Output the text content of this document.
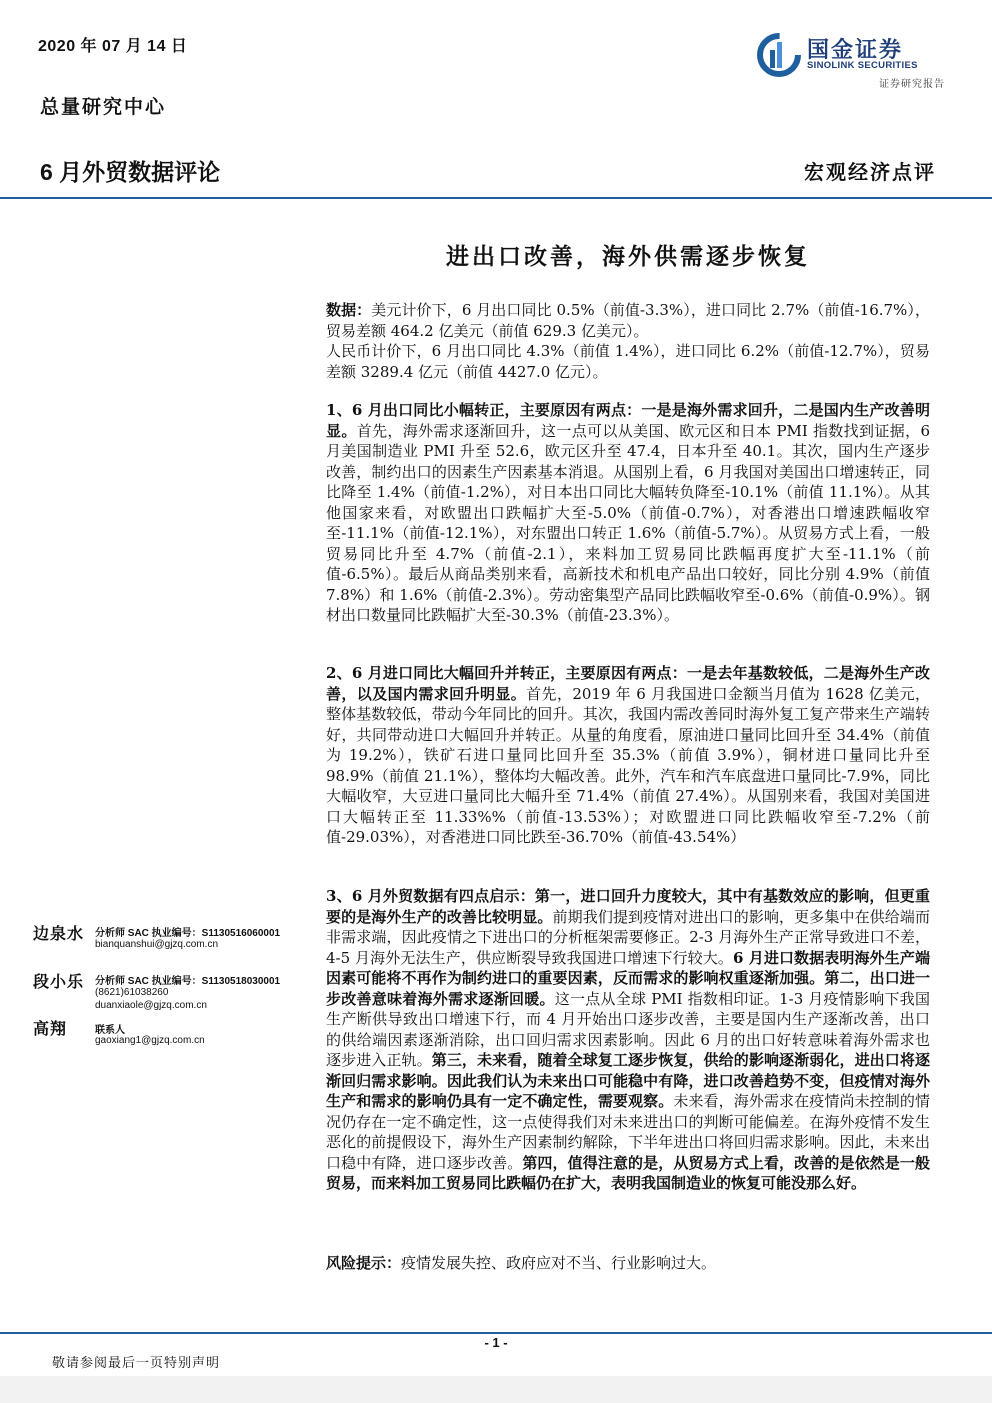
2020 年 07 月 14 日
总量研究中心
6 月外贸数据评论	宏观经济点评
国金证券
SINOLINK SECURITIES
证券研究报告
进出口改善，海外供需逐步恢复
数据：美元计价下，6 月出口同比 0.5%（前值-3.3%），进口同比 2.7%（前值-16.7%），贸易差额 464.2 亿美元（前值 629.3 亿美元）。
人民币计价下，6 月出口同比 4.3%（前值 1.4%），进口同比 6.2%（前值-12.7%），贸易差额 3289.4 亿元（前值 4427.0 亿元）。
1、6 月出口同比小幅转正，主要原因有两点：一是是海外需求回升，二是国内生产改善明显。首先，海外需求逐渐回升，这一点可以从美国、欧元区和日本 PMI 指数找到证据，6 月美国制造业 PMI 升至 52.6，欧元区升至 47.4，日本升至 40.1。其次，国内生产逐步改善，制约出口的因素生产因素基本消退。从国别上看，6 月我国对美国出口增速转正，同比降至 1.4%（前值-1.2%），对日本出口同比大幅转负降至-10.1%（前值 11.1%）。从其他国家来看，对欧盟出口跌幅扩大至-5.0%（前值-0.7%），对香港出口增速跌幅收窄至-11.1%（前值-12.1%），对东盟出口转正 1.6%（前值-5.7%）。从贸易方式上看，一般贸易同比升至 4.7%（前值-2.1），来料加工贸易同比跌幅再度扩大至-11.1%（前值-6.5%）。最后从商品类别来看，高新技术和机电产品出口较好，同比分别 4.9%（前值 7.8%）和 1.6%（前值-2.3%）。劳动密集型产品同比跌幅收窄至-0.6%（前值-0.9%）。钢材出口数量同比跌幅扩大至-30.3%（前值-23.3%）。
2、6 月进口同比大幅回升并转正，主要原因有两点：一是去年基数较低，二是海外生产改善，以及国内需求回升明显。首先，2019 年 6 月我国进口金额当月值为 1628 亿美元，整体基数较低，带动今年同比的回升。其次，我国内需改善同时海外复工复产带来生产端转好，共同带动进口大幅回升并转正。从量的角度看，原油进口量同比回升至 34.4%（前值为 19.2%），铁矿石进口量同比回升至 35.3%（前值 3.9%），铜材进口量同比升至 98.9%（前值 21.1%），整体均大幅改善。此外，汽车和汽车底盘进口量同比-7.9%，同比大幅收窄，大豆进口量同比大幅升至 71.4%（前值 27.4%）。从国别来看，我国对美国进口大幅转正至 11.33%%（前值-13.53%）；对欧盟进口同比跌幅收窄至-7.2%（前值-29.03%），对香港进口同比跌至-36.70%（前值-43.54%）
3、6 月外贸数据有四点启示：第一，进口回升力度较大，其中有基数效应的影响，但更重要的是海外生产的改善比较明显。前期我们提到疫情对进出口的影响，更多集中在供给端而非需求端，因此疫情之下进出口的分析框架需要修正。2-3 月海外生产正常导致进口不差，4-5 月海外无法生产，供应断裂导致我国进口增速下行较大。6 月进口数据表明海外生产端因素可能将不再作为制约进口的重要因素，反而需求的影响权重逐渐加强。第二，出口进一步改善意味着海外需求逐渐回暖。这一点从全球 PMI 指数相印证。1-3 月疫情影响下我国生产断供导致出口增速下行，而 4 月开始出口逐步改善，主要是国内生产逐渐改善，出口的供给端因素逐渐消除，出口回归需求因素影响。因此 6 月的出口好转意味着海外需求也逐步进入正轨。第三，未来看，随着全球复工逐步恢复，供给的影响逐渐弱化，进出口将逐渐回归需求影响。因此我们认为未来出口可能稳中有降，进口改善趋势不变，但疫情对海外生产和需求的影响仍具有一定不确定性，需要观察。未来看，海外需求在疫情尚未控制的情况仍存在一定不确定性，这一点使得我们对未来进出口的判断可能偏差。在海外疫情不发生恶化的前提假设下，海外生产因素制约解除，下半年进出口将回归需求影响。因此，未来出口稳中有降，进口逐步改善。第四，值得注意的是，从贸易方式上看，改善的是依然是一般贸易，而来料加工贸易同比跌幅仍在扩大，表明我国制造业的恢复可能没那么好。
风险提示：疫情发展失控、政府应对不当、行业影响过大。
边泉水 分析师 SAC 执业编号：S1130516060001
bianquanshui@gjzq.com.cn
段小乐 分析师 SAC 执业编号：S1130518030001
(8621)61038260
duanxiaole@gjzq.com.cn
高翔	联系人
gaoxiang1@gjzq.com.cn
- 1 -
敬请参阅最后一页特别声明
